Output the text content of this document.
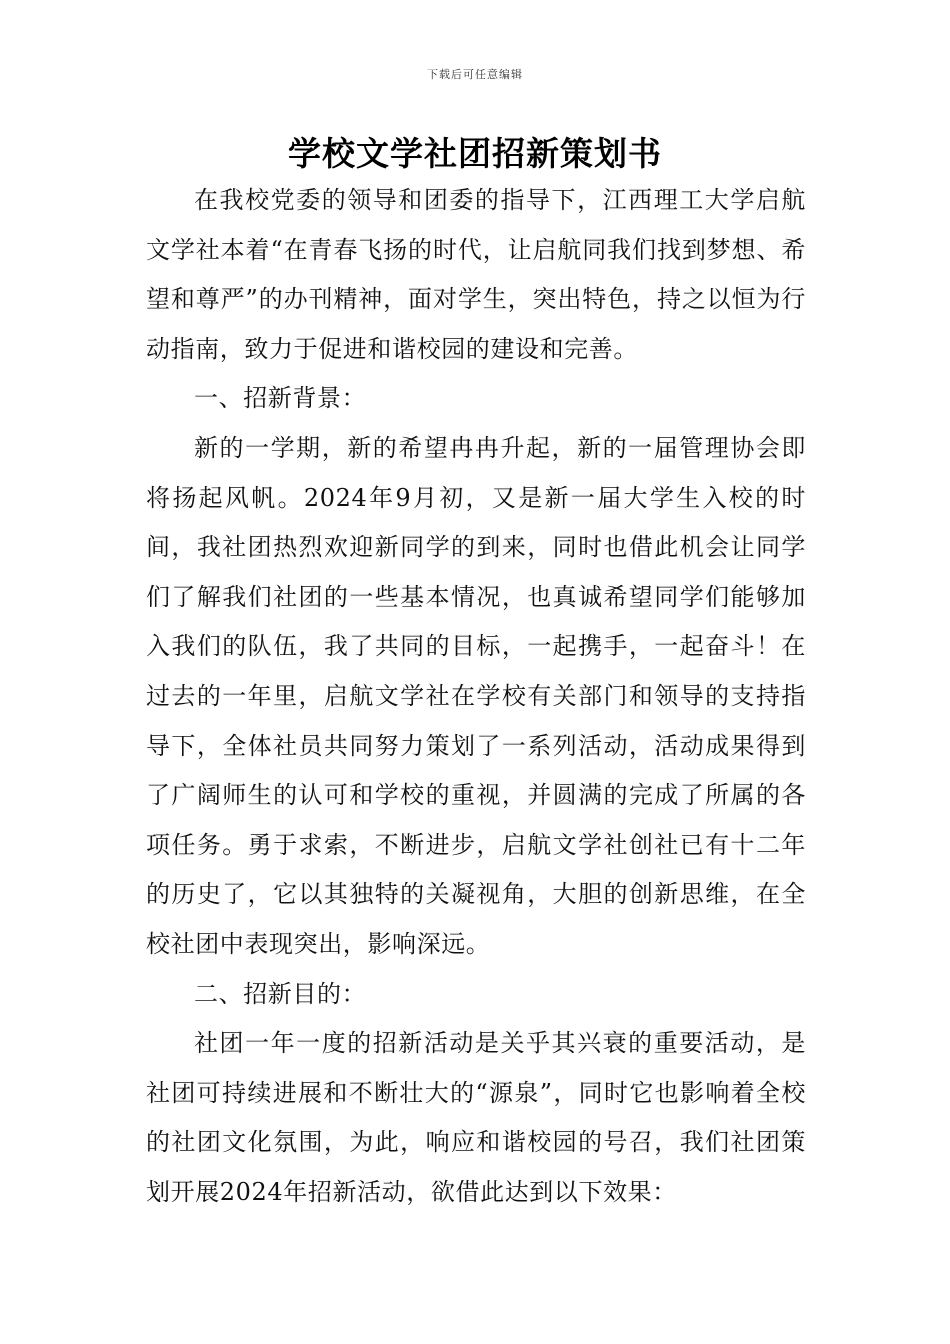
下载后可任意编辑
学校文学社团招新策划书

在我校党委的领导和团委的指导下，江西理工大学启航文学社本着“在青春飞扬的时代，让启航同我们找到梦想、希望和尊严”的办刊精神，面对学生，突出特色，持之以恒为行动指南，致力于促进和谐校园的建设和完善。

一、招新背景：

新的一学期，新的希望冉冉升起，新的一届管理协会即将扬起风帆。2024年9月初，又是新一届大学生入校的时间，我社团热烈欢迎新同学的到来，同时也借此机会让同学们了解我们社团的一些基本情况，也真诚希望同学们能够加入我们的队伍，我了共同的目标，一起携手，一起奋斗！在过去的一年里，启航文学社在学校有关部门和领导的支持指导下，全体社员共同努力策划了一系列活动，活动成果得到了广阔师生的认可和学校的重视，并圆满的完成了所属的各项任务。勇于求索，不断进步，启航文学社创社已有十二年的历史了，它以其独特的关凝视角，大胆的创新思维，在全校社团中表现突出，影响深远。

二、招新目的：

社团一年一度的招新活动是关乎其兴衰的重要活动，是社团可持续进展和不断壮大的“源泉”，同时它也影响着全校的社团文化氛围，为此，响应和谐校园的号召，我们社团策划开展2024年招新活动，欲借此达到以下效果：
